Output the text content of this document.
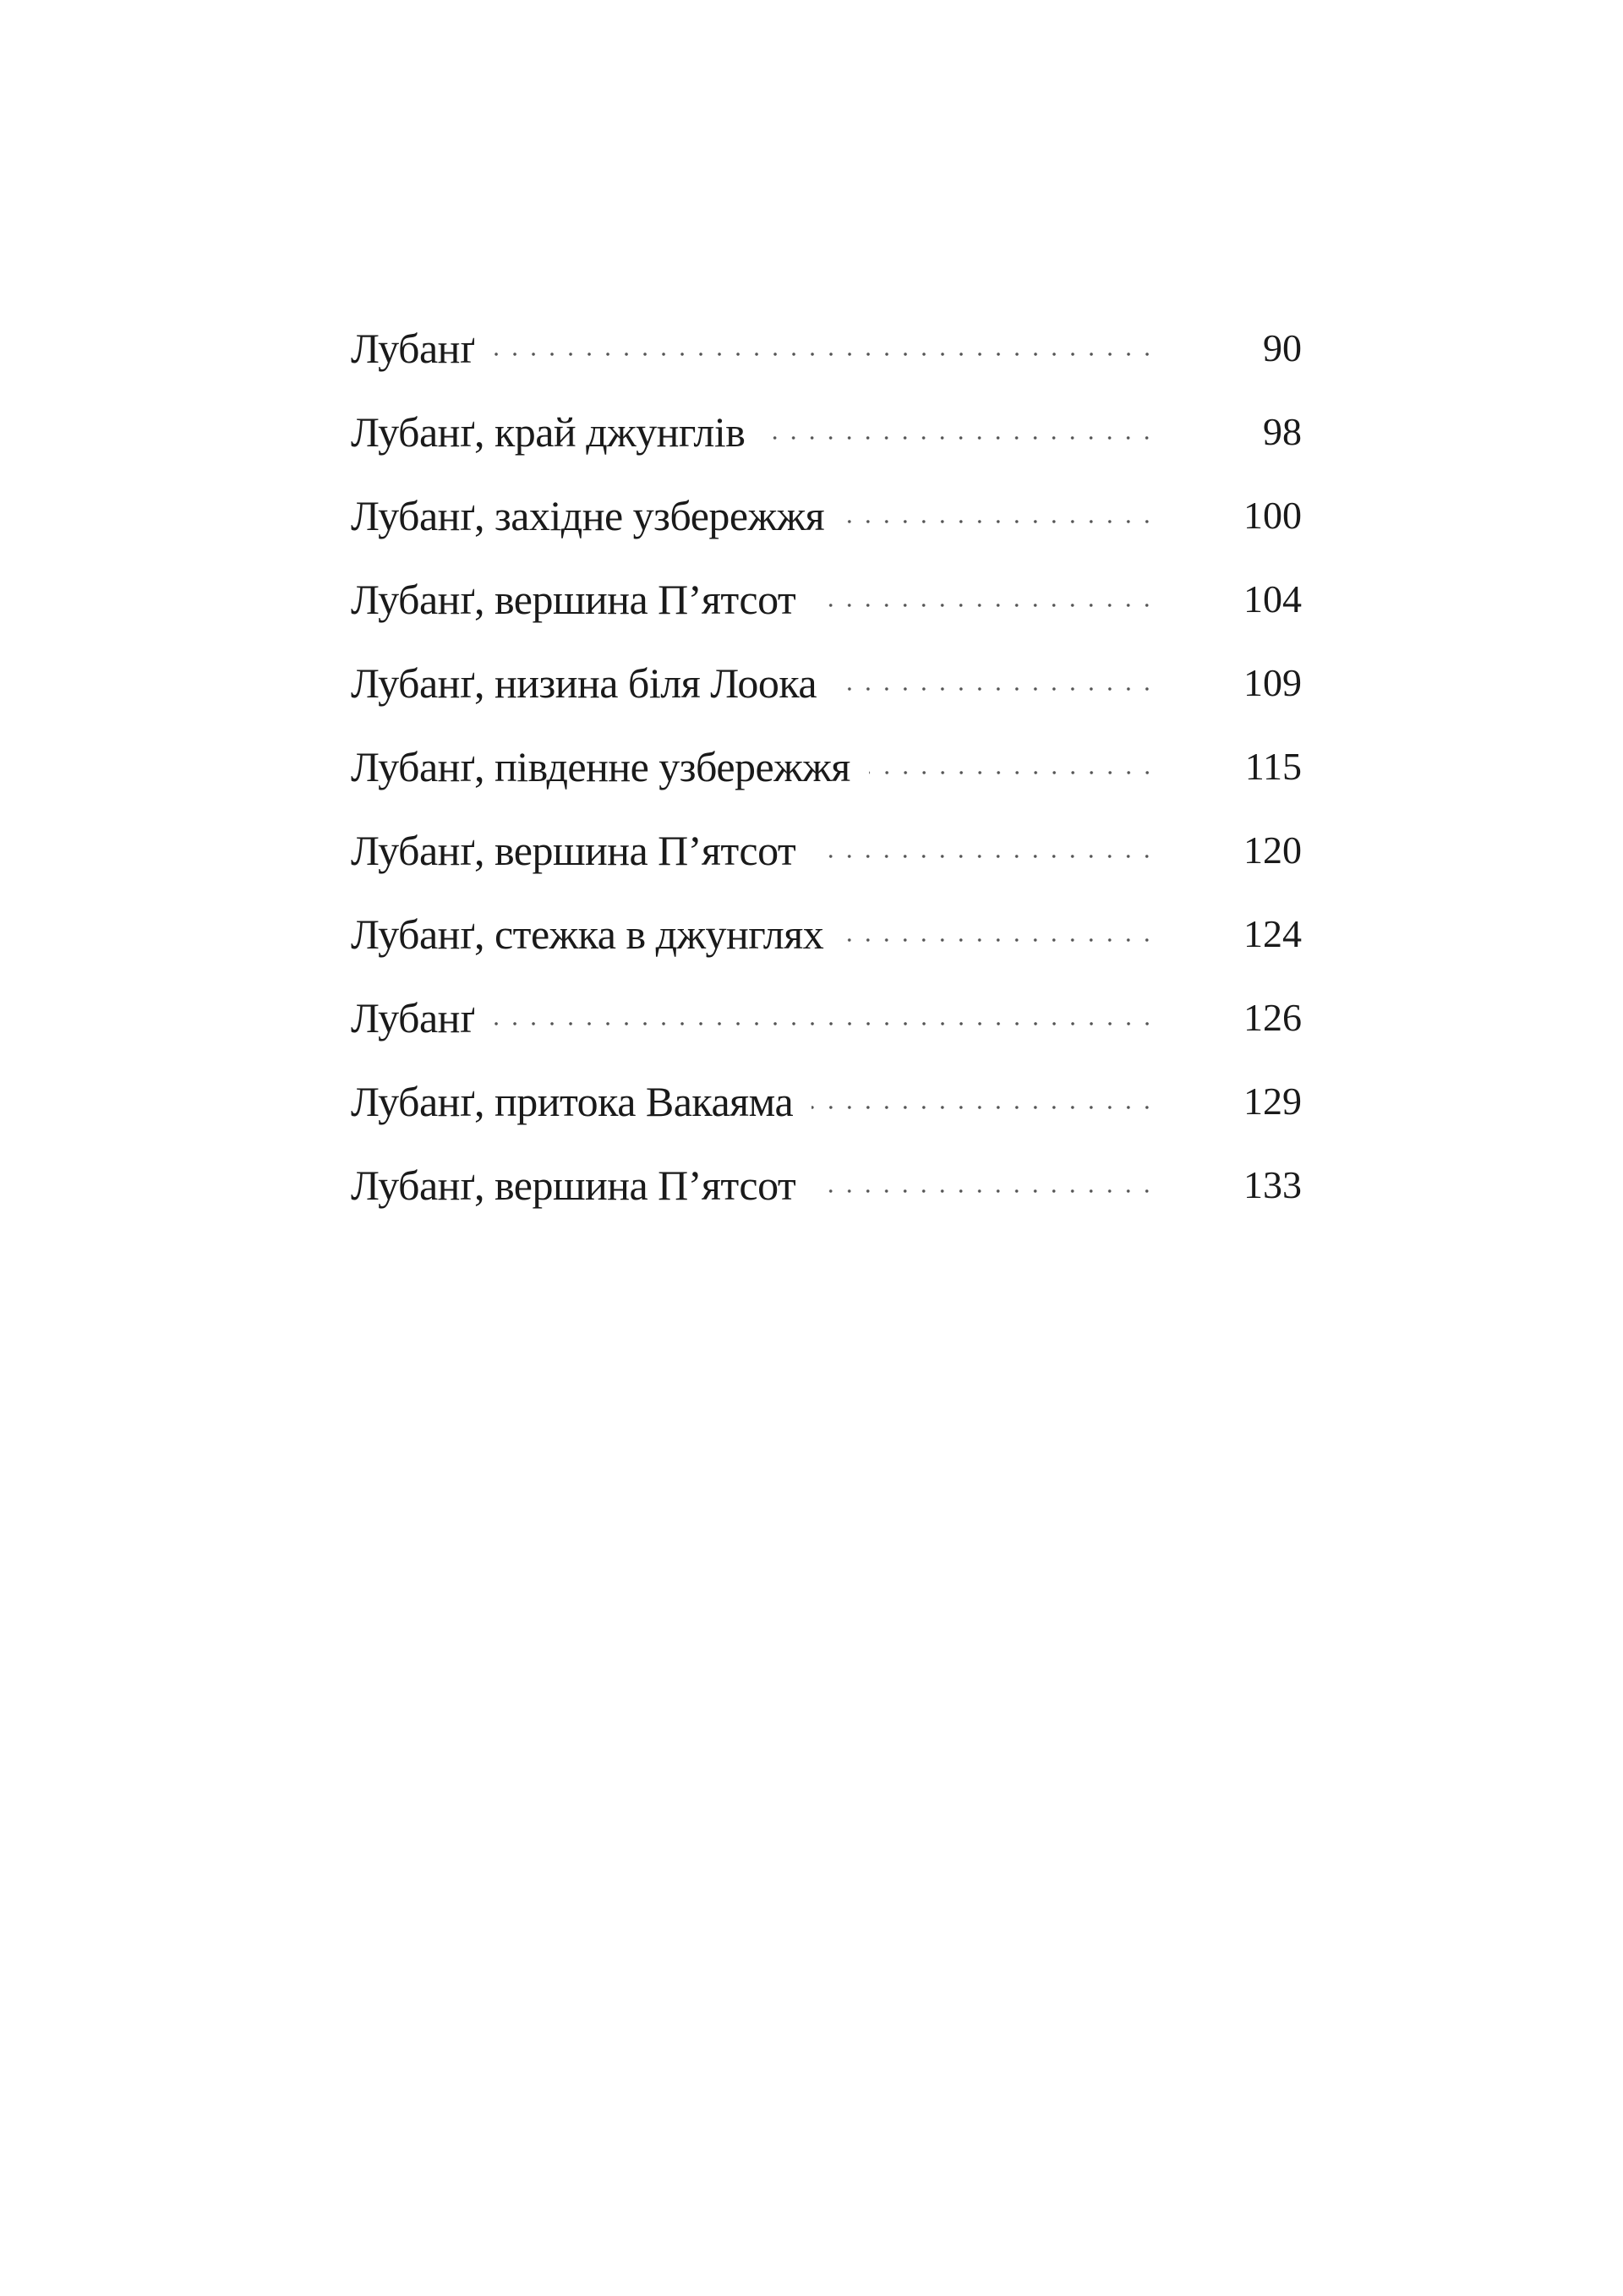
Лубанґ	90
Лубанґ, край джунглів	98
Лубанґ, західне узбережжя	100
Лубанґ, вершина П’ятсот	104
Лубанґ, низина біля Лоока	109
Лубанґ, південне узбережжя	115
Лубанґ, вершина П’ятсот	120
Лубанґ, стежка в джунглях	124
Лубанґ	126
Лубанґ, притока Вакаяма	129
Лубанґ, вершина П’ятсот	133
